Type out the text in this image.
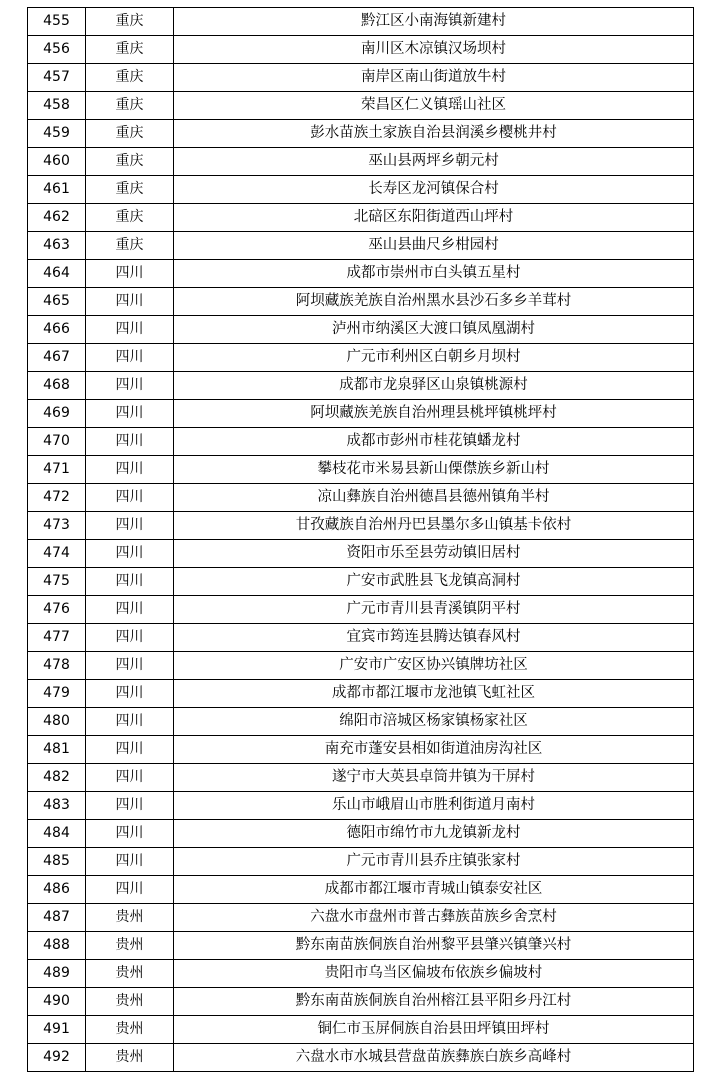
455	重庆	黔江区小南海镇新建村
456	重庆	南川区木凉镇汉场坝村
457	重庆	南岸区南山街道放牛村
458	重庆	荣昌区仁义镇瑶山社区
459	重庆	彭水苗族土家族自治县润溪乡樱桃井村
460	重庆	巫山县两坪乡朝元村
461	重庆	长寿区龙河镇保合村
462	重庆	北碚区东阳街道西山坪村
463	重庆	巫山县曲尺乡柑园村
464	四川	成都市崇州市白头镇五星村
465	四川	阿坝藏族羌族自治州黑水县沙石多乡羊茸村
466	四川	泸州市纳溪区大渡口镇凤凰湖村
467	四川	广元市利州区白朝乡月坝村
468	四川	成都市龙泉驿区山泉镇桃源村
469	四川	阿坝藏族羌族自治州理县桃坪镇桃坪村
470	四川	成都市彭州市桂花镇蟠龙村
471	四川	攀枝花市米易县新山傈僸族乡新山村
472	四川	凉山彝族自治州德昌县德州镇角半村
473	四川	甘孜藏族自治州丹巴县墨尔多山镇基卡依村
474	四川	资阳市乐至县劳动镇旧居村
475	四川	广安市武胜县飞龙镇高洞村
476	四川	广元市青川县青溪镇阴平村
477	四川	宜宾市筠连县腾达镇春风村
478	四川	广安市广安区协兴镇牌坊社区
479	四川	成都市都江堰市龙池镇飞虹社区
480	四川	绵阳市涪城区杨家镇杨家社区
481	四川	南充市蓬安县相如街道油房沟社区
482	四川	遂宁市大英县卓筒井镇为干屏村
483	四川	乐山市峨眉山市胜利街道月南村
484	四川	德阳市绵竹市九龙镇新龙村
485	四川	广元市青川县乔庄镇张家村
486	四川	成都市都江堰市青城山镇泰安社区
487	贵州	六盘水市盘州市普古彝族苗族乡舍烹村
488	贵州	黔东南苗族侗族自治州黎平县肇兴镇肇兴村
489	贵州	贵阳市乌当区偏坡布依族乡偏坡村
490	贵州	黔东南苗族侗族自治州榕江县平阳乡丹江村
491	贵州	铜仁市玉屏侗族自治县田坪镇田坪村
492	贵州	六盘水市水城县营盘苗族彝族白族乡高峰村
